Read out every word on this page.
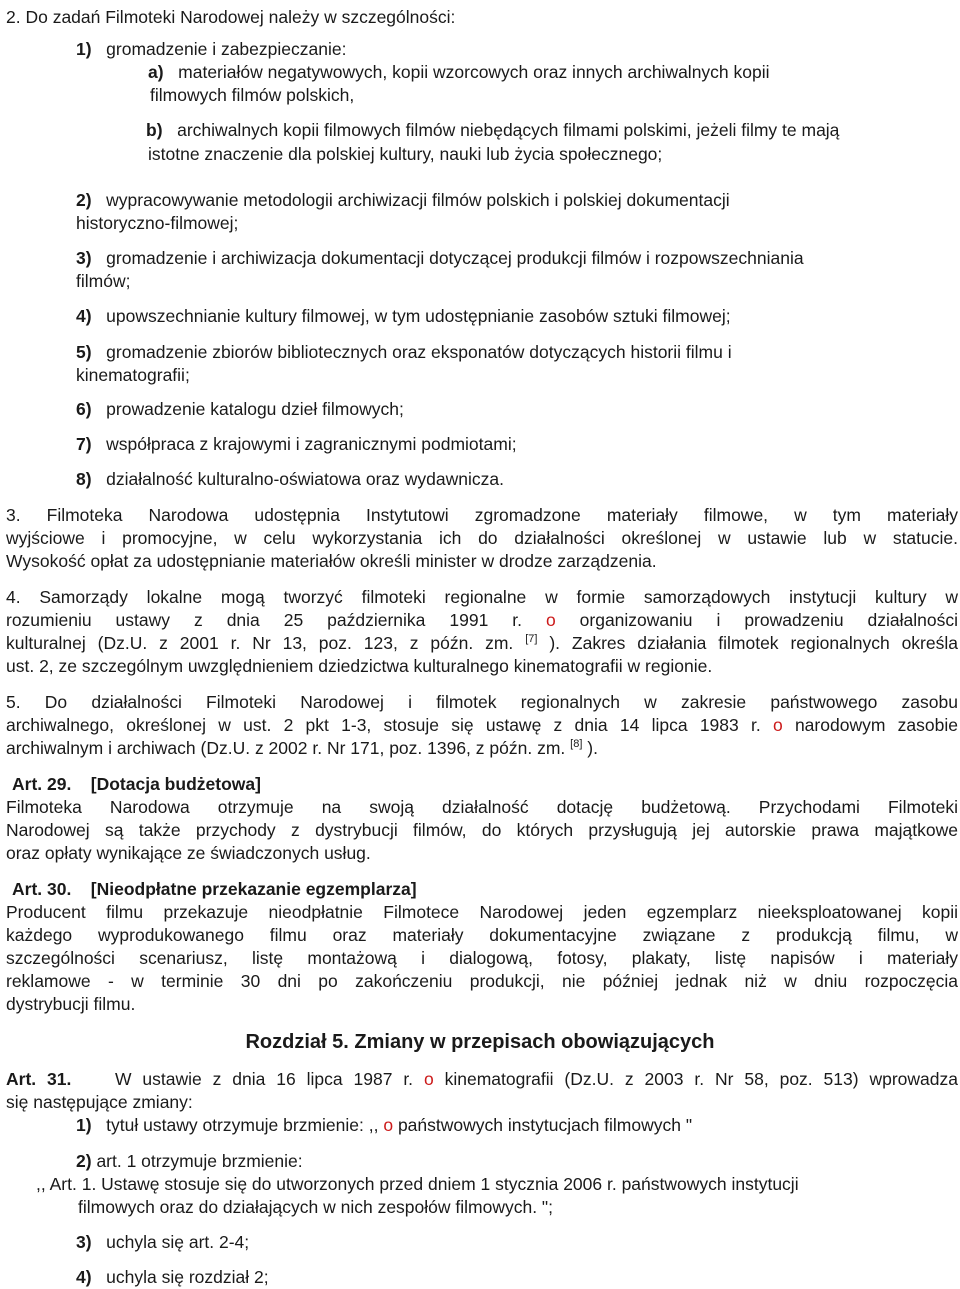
2. Do zadań Filmoteki Narodowej należy w szczególności:
1) gromadzenie i zabezpieczanie:
a) materiałów negatywowych, kopii wzorcowych oraz innych archiwalnych kopii
filmowych filmów polskich,
b) archiwalnych kopii filmowych filmów niebędących filmami polskimi, jeżeli filmy te mają
istotne znaczenie dla polskiej kultury, nauki lub życia społecznego;
2) wypracowywanie metodologii archiwizacji filmów polskich i polskiej dokumentacji
historyczno-filmowej;
3) gromadzenie i archiwizacja dokumentacji dotyczącej produkcji filmów i rozpowszechniania
filmów;
4) upowszechnianie kultury filmowej, w tym udostępnianie zasobów sztuki filmowej;
5) gromadzenie zbiorów bibliotecznych oraz eksponatów dotyczących historii filmu i
kinematografii;
6) prowadzenie katalogu dzieł filmowych;
7) współpraca z krajowymi i zagranicznymi podmiotami;
8) działalność kulturalno-oświatowa oraz wydawnicza.
3. Filmoteka Narodowa udostępnia Instytutowi zgromadzone materiały filmowe, w tym materiały
wyjściowe i promocyjne, w celu wykorzystania ich do działalności określonej w ustawie lub w statucie.
Wysokość opłat za udostępnianie materiałów określi minister w drodze zarządzenia.
4. Samorządy lokalne mogą tworzyć filmoteki regionalne w formie samorządowych instytucji kultury w
rozumieniu ustawy z dnia 25 października 1991 r. o organizowaniu i prowadzeniu działalności
kulturalnej (Dz.U. z 2001 r. Nr 13, poz. 123, z późn. zm. [7] ). Zakres działania filmotek regionalnych określa
ust. 2, ze szczególnym uwzględnieniem dziedzictwa kulturalnego kinematografii w regionie.
5. Do działalności Filmoteki Narodowej i filmotek regionalnych w zakresie państwowego zasobu
archiwalnego, określonej w ust. 2 pkt 1-3, stosuje się ustawę z dnia 14 lipca 1983 r. o narodowym zasobie
archiwalnym i archiwach (Dz.U. z 2002 r. Nr 171, poz. 1396, z późn. zm. [8] ).
Art. 29. [Dotacja budżetowa]
Filmoteka Narodowa otrzymuje na swoją działalność dotację budżetową. Przychodami Filmoteki
Narodowej są także przychody z dystrybucji filmów, do których przysługują jej autorskie prawa majątkowe
oraz opłaty wynikające ze świadczonych usług.
Art. 30. [Nieodpłatne przekazanie egzemplarza]
Producent filmu przekazuje nieodpłatnie Filmotece Narodowej jeden egzemplarz nieeksploatowanej kopii
każdego wyprodukowanego filmu oraz materiały dokumentacyjne związane z produkcją filmu, w
szczególności scenariusz, listę montażową i dialogową, fotosy, plakaty, listę napisów i materiały
reklamowe - w terminie 30 dni po zakończeniu produkcji, nie później jednak niż w dniu rozpoczęcia
dystrybucji filmu.
Rozdział 5. Zmiany w przepisach obowiązujących
Art. 31. W ustawie z dnia 16 lipca 1987 r. o kinematografii (Dz.U. z 2003 r. Nr 58, poz. 513) wprowadza
się następujące zmiany:
1) tytuł ustawy otrzymuje brzmienie: ,, o państwowych instytucjach filmowych "
2) art. 1 otrzymuje brzmienie:
,, Art. 1. Ustawę stosuje się do utworzonych przed dniem 1 stycznia 2006 r. państwowych instytucji
filmowych oraz do działających w nich zespołów filmowych. ";
3) uchyla się art. 2-4;
4) uchyla się rozdział 2;
